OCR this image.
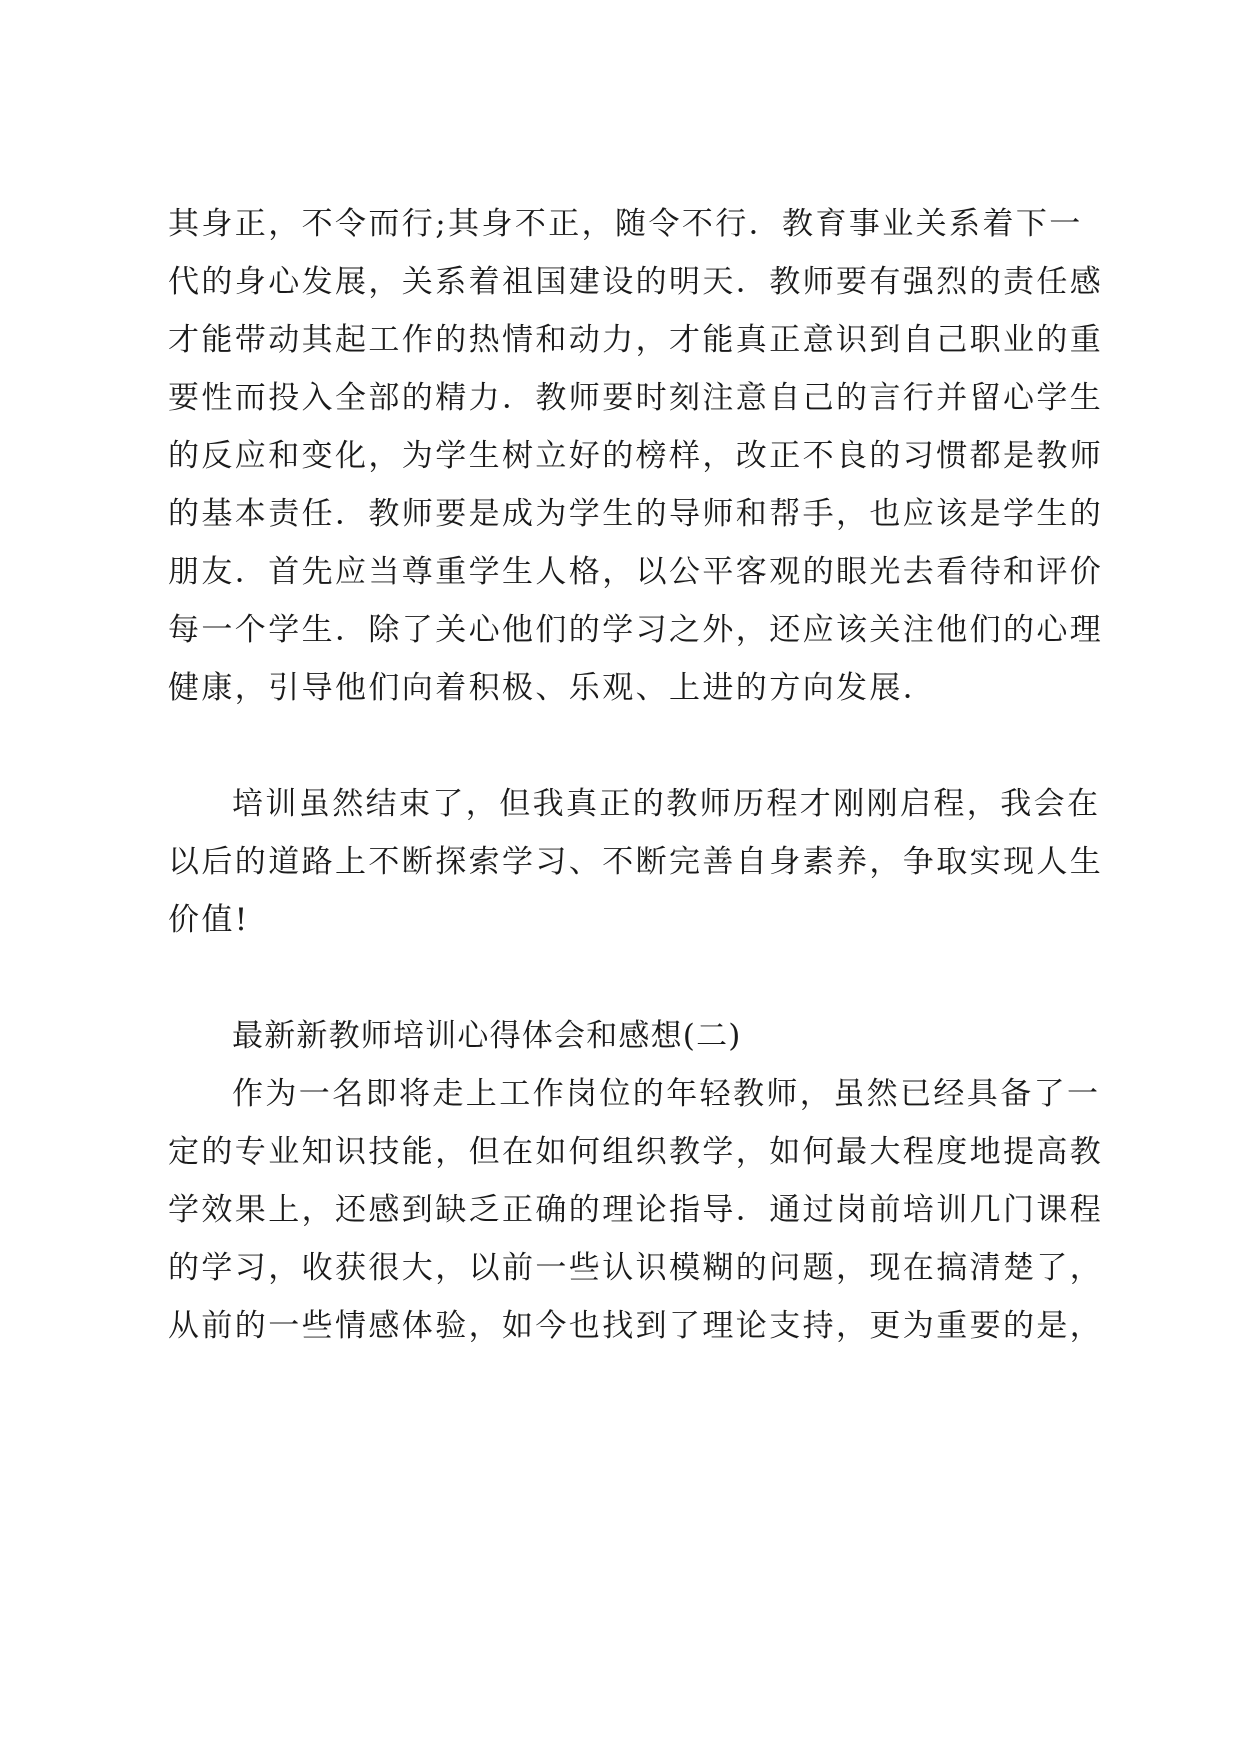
其身正，不令而行;其身不正，随令不行．教育事业关系着下一
代的身心发展，关系着祖国建设的明天．教师要有强烈的责任感
才能带动其起工作的热情和动力，才能真正意识到自己职业的重
要性而投入全部的精力．教师要时刻注意自己的言行并留心学生
的反应和变化，为学生树立好的榜样，改正不良的习惯都是教师
的基本责任．教师要是成为学生的导师和帮手，也应该是学生的
朋友．首先应当尊重学生人格，以公平客观的眼光去看待和评价
每一个学生．除了关心他们的学习之外，还应该关注他们的心理
健康，引导他们向着积极、乐观、上进的方向发展．
培训虽然结束了，但我真正的教师历程才刚刚启程，我会在
以后的道路上不断探索学习、不断完善自身素养，争取实现人生
价值!
最新新教师培训心得体会和感想(二)
作为一名即将走上工作岗位的年轻教师，虽然已经具备了一
定的专业知识技能，但在如何组织教学，如何最大程度地提高教
学效果上，还感到缺乏正确的理论指导．通过岗前培训几门课程
的学习，收获很大，以前一些认识模糊的问题，现在搞清楚了，
从前的一些情感体验，如今也找到了理论支持，更为重要的是，
